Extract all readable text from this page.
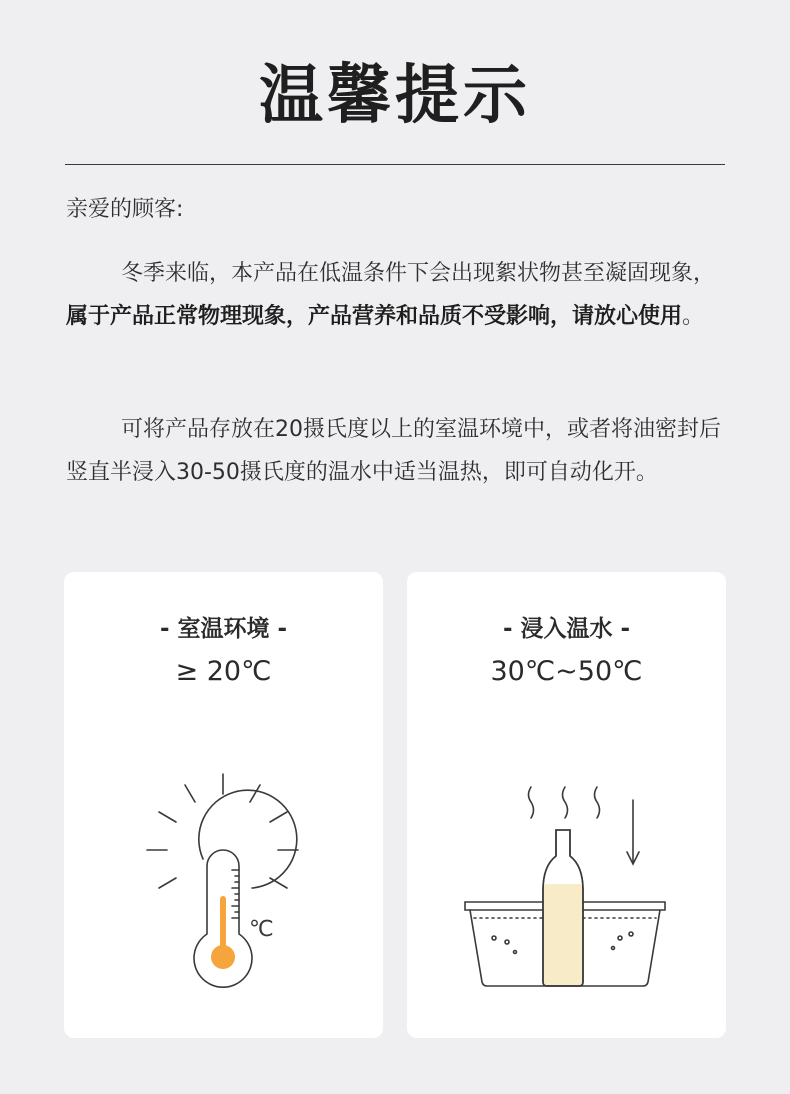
温馨提示

亲爱的顾客:

冬季来临，本产品在低温条件下会出现絮状物甚至凝固现象，属于产品正常物理现象，产品营养和品质不受影响，请放心使用。

可将产品存放在20摄氏度以上的室温环境中，或者将油密封后竖直半浸入30-50摄氏度的温水中适当温热，即可自动化开。

- 室温环境 -
≥ 20℃
℃
- 浸入温水 -
30℃~50℃
